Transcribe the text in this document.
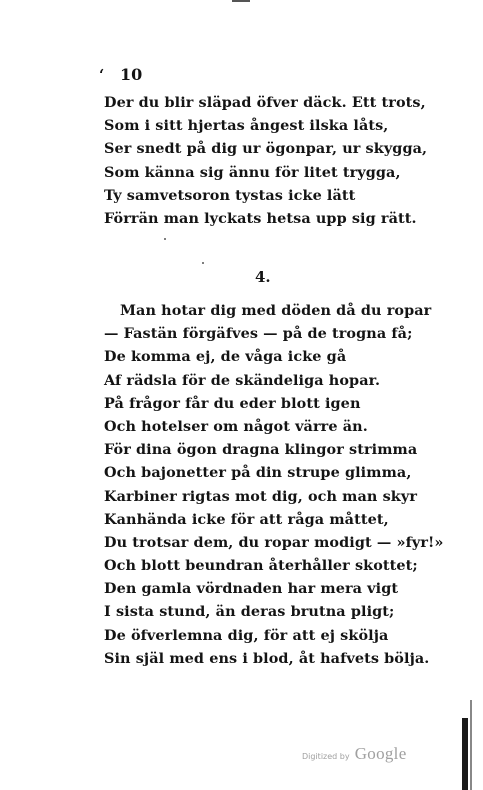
‘ 10

Der du blir släpad öfver däck. Ett trots,
Som i sitt hjertas ångest ilska låts,
Ser snedt på dig ur ögonpar, ur skygga,
Som känna sig ännu för litet trygga,
Ty samvetsoron tystas icke lätt
Förrän man lyckats hetsa upp sig rätt.

4.

Man hotar dig med döden då du ropar
— Fastän förgäfves — på de trogna få;
De komma ej, de våga icke gå
Af rädsla för de skändeliga hopar.
På frågor får du eder blott igen
Och hotelser om något värre än.
För dina ögon dragna klingor strimma
Och bajonetter på din strupe glimma,
Karbiner rigtas mot dig, och man skyr
Kanhända icke för att råga måttet,
Du trotsar dem, du ropar modigt — »fyr!»
Och blott beundran återhåller skottet;
Den gamla vördnaden har mera vigt
I sista stund, än deras brutna pligt;
De öfverlemna dig, för att ej skölja
Sin själ med ens i blod, åt hafvets bölja.

Digitized by Google
